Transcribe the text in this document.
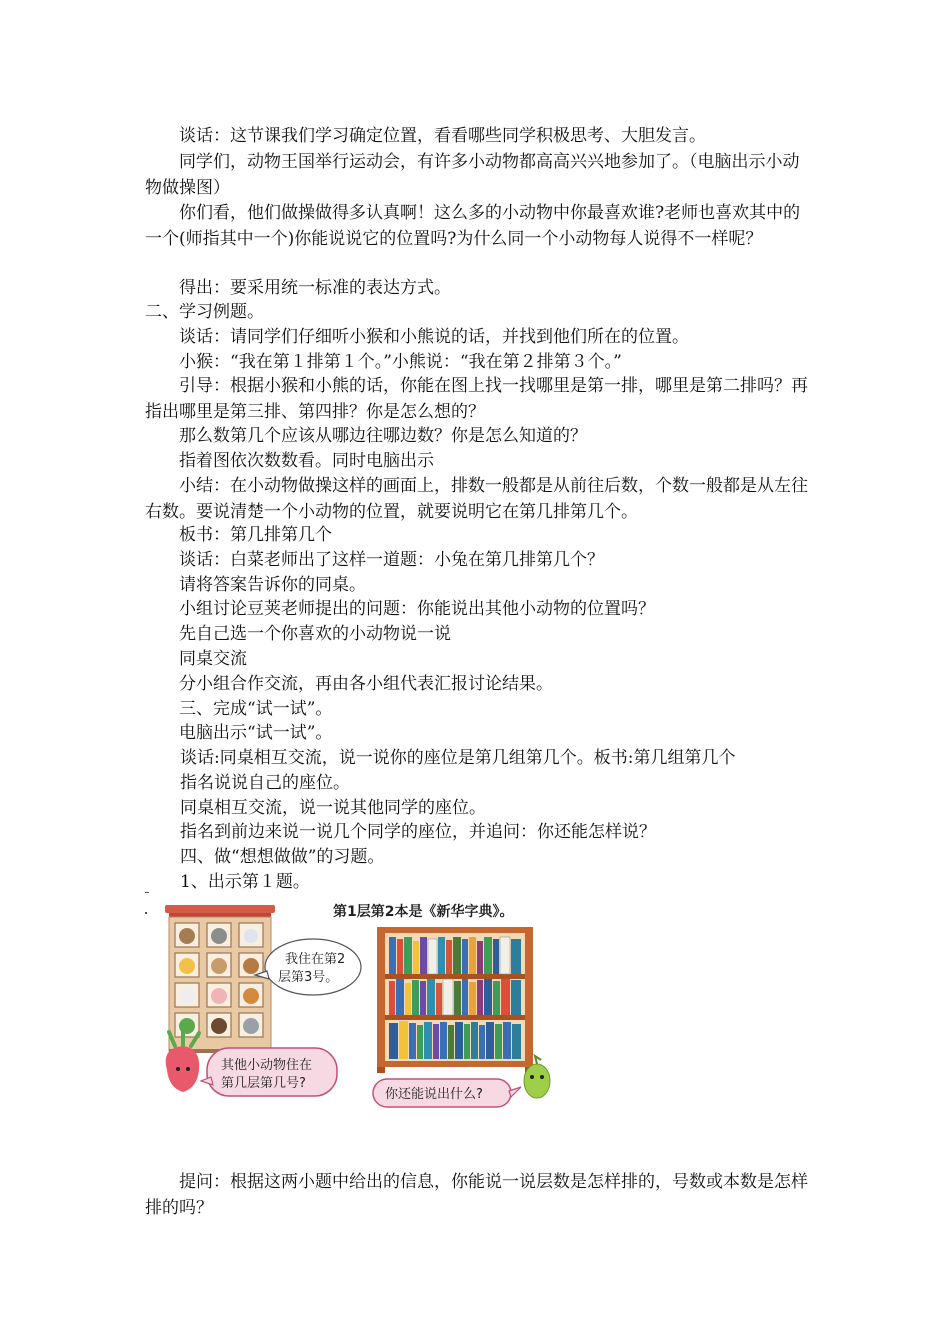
谈话：这节课我们学习确定位置，看看哪些同学积极思考、大胆发言。

同学们，动物王国举行运动会，有许多小动物都高高兴兴地参加了。（电脑出示小动物做操图）

你们看，他们做操做得多认真啊！这么多的小动物中你最喜欢谁?老师也喜欢其中的一个(师指其中一个)你能说说它的位置吗?为什么同一个小动物每人说得不一样呢？

得出：要采用统一标准的表达方式。

二、学习例题。

谈话：请同学们仔细听小猴和小熊说的话，并找到他们所在的位置。

小猴：“我在第１排第１个。”小熊说：“我在第２排第３个。”

引导：根据小猴和小熊的话，你能在图上找一找哪里是第一排，哪里是第二排吗？再指出哪里是第三排、第四排？你是怎么想的？

那么数第几个应该从哪边往哪边数？你是怎么知道的？

指着图依次数数看。同时电脑出示

小结：在小动物做操这样的画面上，排数一般都是从前往后数，个数一般都是从左往右数。要说清楚一个小动物的位置，就要说明它在第几排第几个。

板书：第几排第几个

谈话：白菜老师出了这样一道题：小兔在第几排第几个？

请将答案告诉你的同桌。

小组讨论豆荚老师提出的问题：你能说出其他小动物的位置吗？

先自己选一个你喜欢的小动物说一说

同桌交流

分小组合作交流，再由各小组代表汇报讨论结果。

三、完成“试一试”。

电脑出示“试一试”。

谈话:同桌相互交流，说一说你的座位是第几组第几个。板书:第几组第几个

指名说说自己的座位。

同桌相互交流，说一说其他同学的座位。

指名到前边来说一说几个同学的座位，并追问：你还能怎样说？

四、做“想想做做”的习题。

1、出示第１题。

我住在第2
层第3号。
其他小动物住在
第几层第几号?
第1层第2本是《新华字典》。
你还能说出什么?

提问：根据这两小题中给出的信息，你能说一说层数是怎样排的，号数或本数是怎样排的吗？
